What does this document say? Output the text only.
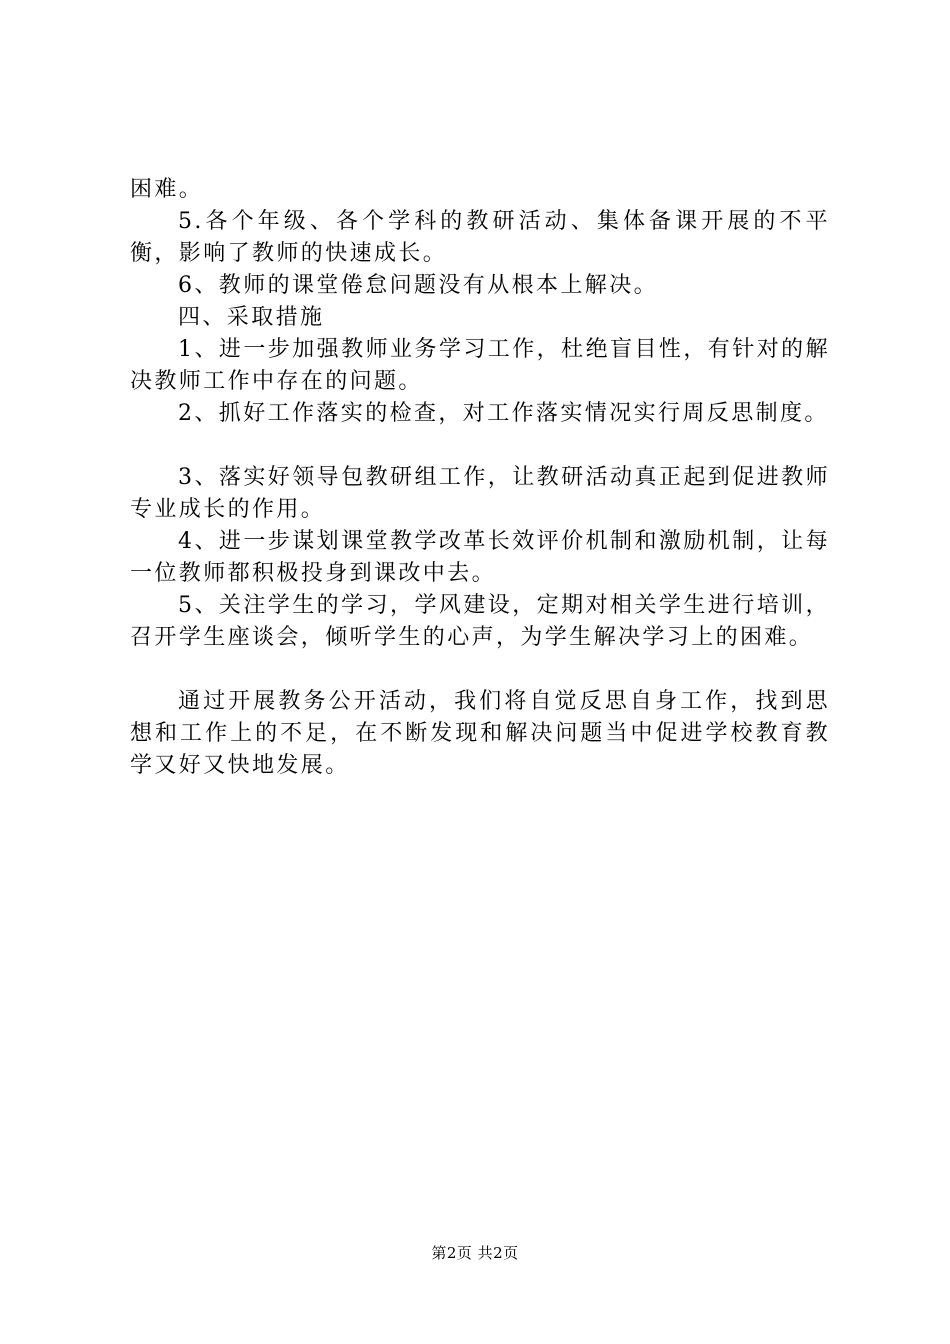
困难。

5.各个年级、各个学科的教研活动、集体备课开展的不平衡，影响了教师的快速成长。

6、教师的课堂倦怠问题没有从根本上解决。

四、采取措施

1、进一步加强教师业务学习工作，杜绝盲目性，有针对的解决教师工作中存在的问题。

2、抓好工作落实的检查，对工作落实情况实行周反思制度。

3、落实好领导包教研组工作，让教研活动真正起到促进教师专业成长的作用。

4、进一步谋划课堂教学改革长效评价机制和激励机制，让每一位教师都积极投身到课改中去。

5、关注学生的学习，学风建设，定期对相关学生进行培训，召开学生座谈会，倾听学生的心声，为学生解决学习上的困难。

通过开展教务公开活动，我们将自觉反思自身工作，找到思想和工作上的不足，在不断发现和解决问题当中促进学校教育教学又好又快地发展。

第2页 共2页
